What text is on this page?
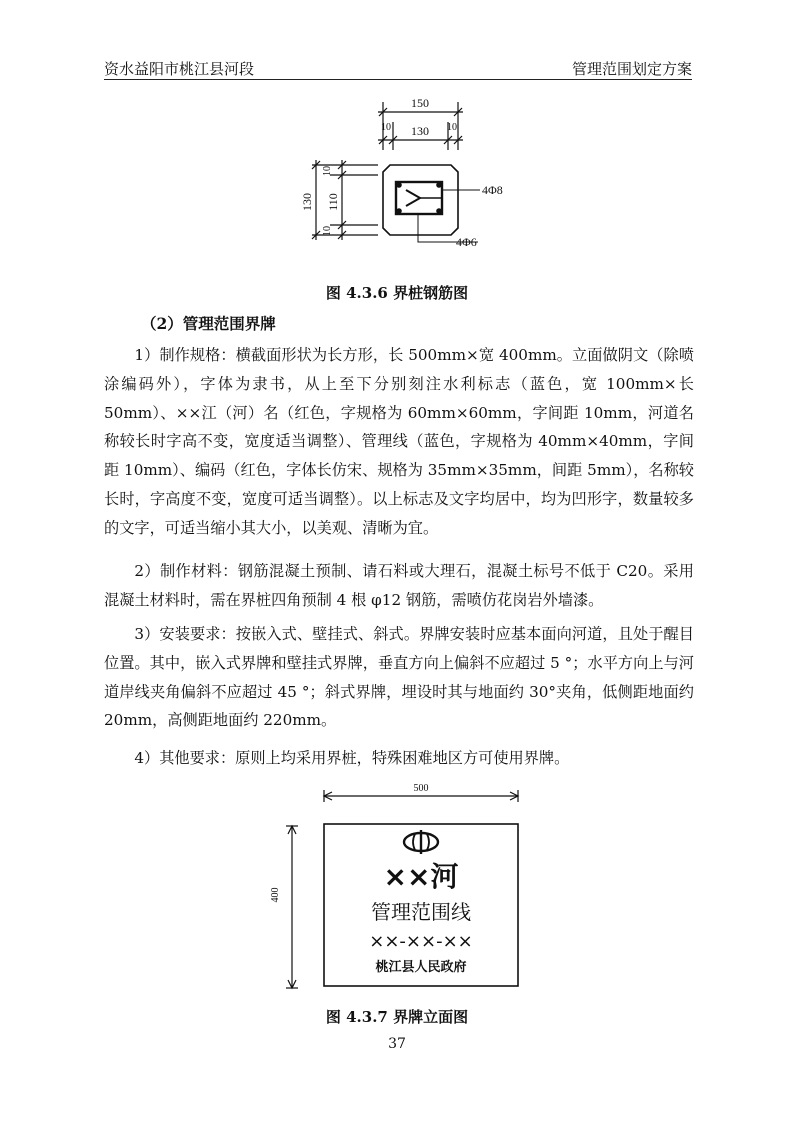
资水益阳市桃江县河段	管理范围划定方案
150
130
10	10
130 110
10
10
4Φ8
4Φ6
图 4.3.6 界桩钢筋图
（2）管理范围界牌

1）制作规格：横截面形状为长方形，长 500mm×宽 400mm。立面做阴文（除喷涂编码外），字体为隶书，从上至下分别刻注水利标志（蓝色，宽 100mm×长 50mm）、××江（河）名（红色，字规格为 60mm×60mm，字间距 10mm，河道名称较长时字高不变，宽度适当调整）、管理线（蓝色，字规格为 40mm×40mm，字间距 10mm）、编码（红色，字体长仿宋、规格为 35mm×35mm，间距 5mm），名称较长时，字高度不变，宽度可适当调整）。以上标志及文字均居中，均为凹形字，数量较多的文字，可适当缩小其大小，以美观、清晰为宜。

2）制作材料：钢筋混凝土预制、请石料或大理石，混凝土标号不低于 C20。采用混凝土材料时，需在界桩四角预制 4 根 φ12 钢筋，需喷仿花岗岩外墙漆。

3）安装要求：按嵌入式、壁挂式、斜式。界牌安装时应基本面向河道，且处于醒目位置。其中，嵌入式界牌和壁挂式界牌，垂直方向上偏斜不应超过 5 °；水平方向上与河道岸线夹角偏斜不应超过 45 °；斜式界牌，埋设时其与地面约 30°夹角，低侧距地面约 20mm，高侧距地面约 220mm。

4）其他要求：原则上均采用界桩，特殊困难地区方可使用界牌。

400
500
××河
管理范围线
××-××-××
桃江县人民政府
图 4.3.7 界牌立面图
37
